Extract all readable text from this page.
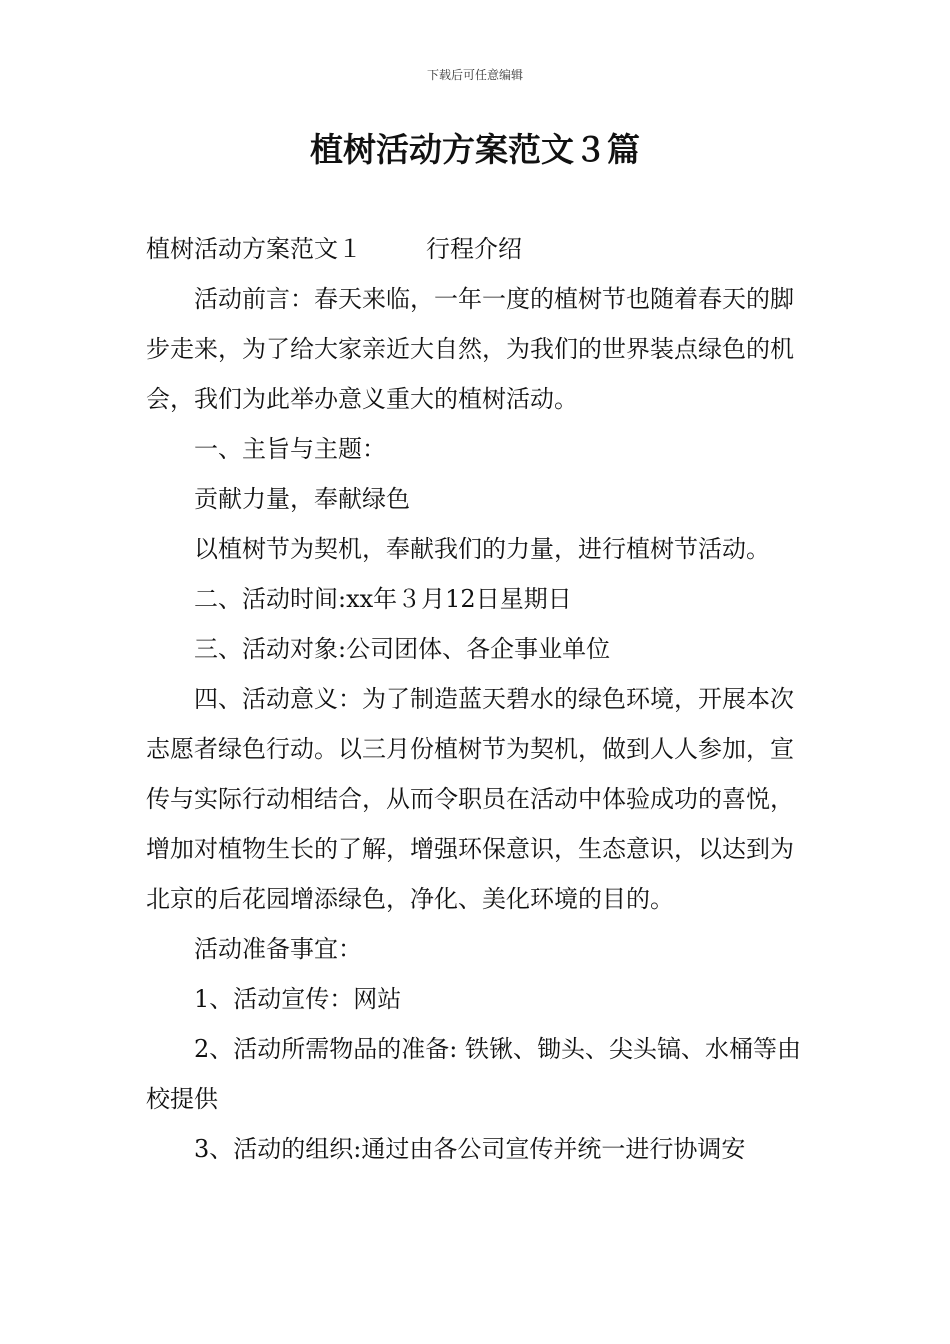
下载后可任意编辑
植树活动方案范文３篇

植树活动方案范文１	行程介绍

活动前言：春天来临，一年一度的植树节也随着春天的脚步走来，为了给大家亲近大自然，为我们的世界装点绿色的机会，我们为此举办意义重大的植树活动。

一、主旨与主题：

贡献力量，奉献绿色

以植树节为契机，奉献我们的力量，进行植树节活动。

二、活动时间:xx年３月12日星期日

三、活动对象:公司团体、各企事业单位

四、活动意义：为了制造蓝天碧水的绿色环境，开展本次志愿者绿色行动。以三月份植树节为契机，做到人人参加，宣传与实际行动相结合，从而令职员在活动中体验成功的喜悦，增加对植物生长的了解，增强环保意识，生态意识，以达到为北京的后花园增添绿色，净化、美化环境的目的。

活动准备事宜：

1、活动宣传：网站

2、活动所需物品的准备: 铁锹、锄头、尖头镐、水桶等由校提供

3、活动的组织:通过由各公司宣传并统一进行协调安
